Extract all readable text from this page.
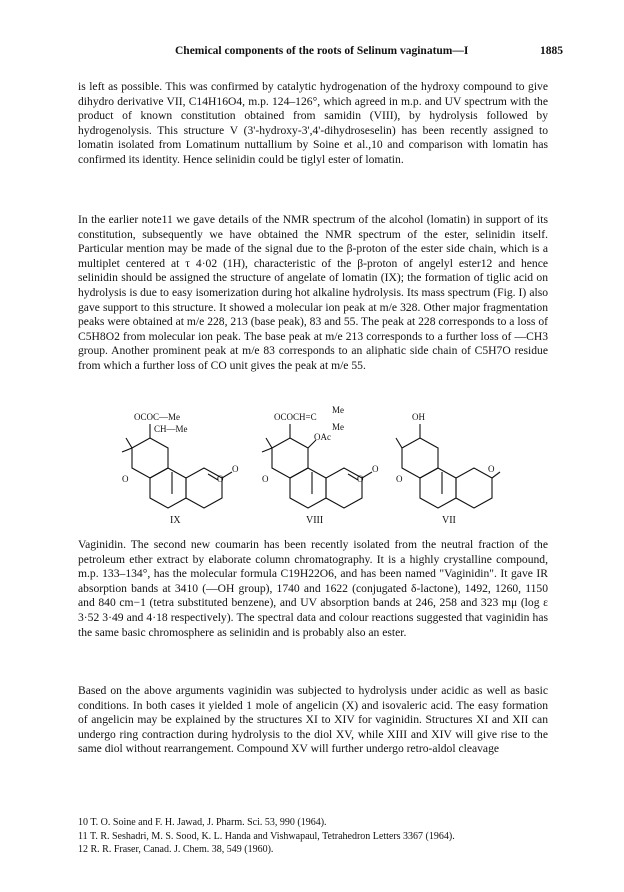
Chemical components of the roots of Selinum vaginatum—I	1885

is left as possible. This was confirmed by catalytic hydrogenation of the hydroxy compound to give dihydro derivative VII, C14H16O4, m.p. 124–126°, which agreed in m.p. and UV spectrum with the product of known constitution obtained from samidin (VIII), by hydrolysis followed by hydrogenolysis. This structure V (3'-hydroxy-3',4'-dihydroseselin) has been recently assigned to lomatin isolated from Lomatinum nuttallium by Soine et al.,10 and comparison with lomatin has confirmed its identity. Hence selinidin could be tiglyl ester of lomatin.

In the earlier note11 we gave details of the NMR spectrum of the alcohol (lomatin) in support of its constitution, subsequently we have obtained the NMR spectrum of the ester, selinidin itself. Particular mention may be made of the signal due to the β-proton of the ester side chain, which is a multiplet centered at τ 4·02 (1H), characteristic of the β-proton of angelyl ester12 and hence selinidin should be assigned the structure of angelate of lomatin (IX); the formation of tiglic acid on hydrolysis is due to easy isomerization during hot alkaline hydrolysis. Its mass spectrum (Fig. I) also gave support to this structure. It showed a molecular ion peak at m/e 328. Other major fragmentation peaks were obtained at m/e 228, 213 (base peak), 83 and 55. The peak at 228 corresponds to a loss of C5H8O2 from molecular ion peak. The base peak at m/e 213 corresponds to a further loss of —CH3 group. Another prominent peak at m/e 83 corresponds to an aliphatic side chain of C5H7O residue from which a further loss of CO unit gives the peak at m/e 55.

OCOC—Me
CH—Me
O	O
O
IX
OCOCH=C
Me
Me
OAc
O	O
O
VIII
OH
O
O
VII

Vaginidin. The second new coumarin has been recently isolated from the neutral fraction of the petroleum ether extract by elaborate column chromatography. It is a highly crystalline compound, m.p. 133–134°, has the molecular formula C19H22O6, and has been named "Vaginidin". It gave IR absorption bands at 3410 (—OH group), 1740 and 1622 (conjugated δ-lactone), 1492, 1260, 1150 and 840 cm−1 (tetra substituted benzene), and UV absorption bands at 246, 258 and 323 mμ (log ε 3·52 3·49 and 4·18 respectively). The spectral data and colour reactions suggested that vaginidin has the same basic chromosphere as selinidin and is probably also an ester.

Based on the above arguments vaginidin was subjected to hydrolysis under acidic as well as basic conditions. In both cases it yielded 1 mole of angelicin (X) and isovaleric acid. The easy formation of angelicin may be explained by the structures XI to XIV for vaginidin. Structures XI and XII can undergo ring contraction during hydrolysis to the diol XV, while XIII and XIV will give rise to the same diol without rearrangement. Compound XV will further undergo retro-aldol cleavage

10 T. O. Soine and F. H. Jawad, J. Pharm. Sci. 53, 990 (1964).
11 T. R. Seshadri, M. S. Sood, K. L. Handa and Vishwapaul, Tetrahedron Letters 3367 (1964).
12 R. R. Fraser, Canad. J. Chem. 38, 549 (1960).
